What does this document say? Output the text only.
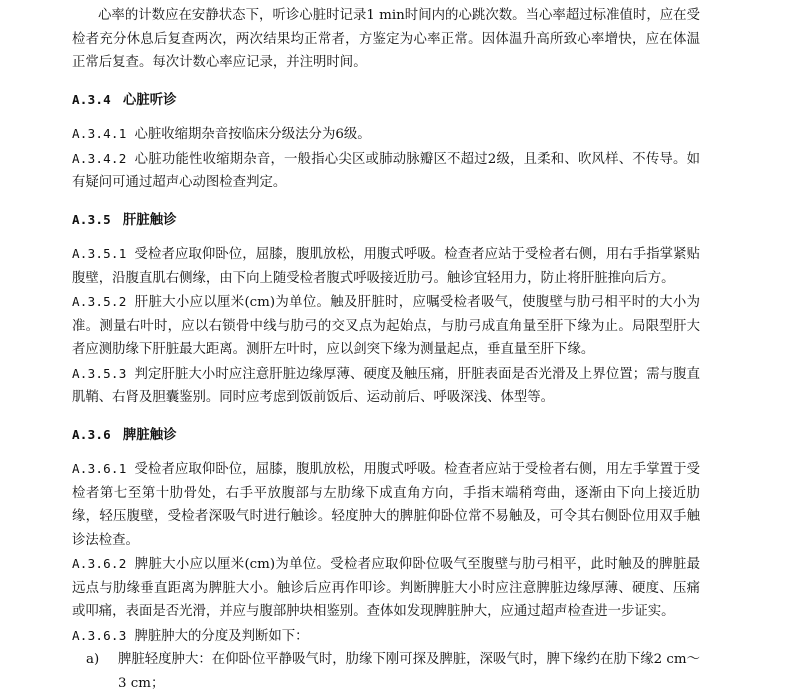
心率的计数应在安静状态下，听诊心脏时记录1 min时间内的心跳次数。当心率超过标准值时，应在受检者充分休息后复查两次，两次结果均正常者，方鉴定为心率正常。因体温升高所致心率增快，应在体温正常后复查。每次计数心率应记录，并注明时间。

A.3.4 心脏听诊

A.3.4.1 心脏收缩期杂音按临床分级法分为6级。

A.3.4.2 心脏功能性收缩期杂音，一般指心尖区或肺动脉瓣区不超过2级，且柔和、吹风样、不传导。如有疑问可通过超声心动图检查判定。

A.3.5 肝脏触诊

A.3.5.1 受检者应取仰卧位，屈膝，腹肌放松，用腹式呼吸。检查者应站于受检者右侧，用右手指掌紧贴腹壁，沿腹直肌右侧缘，由下向上随受检者腹式呼吸接近肋弓。触诊宜轻用力，防止将肝脏推向后方。

A.3.5.2 肝脏大小应以厘米(cm)为单位。触及肝脏时，应嘱受检者吸气，使腹壁与肋弓相平时的大小为准。测量右叶时，应以右锁骨中线与肋弓的交叉点为起始点，与肋弓成直角量至肝下缘为止。局限型肝大者应测肋缘下肝脏最大距离。测肝左叶时，应以剑突下缘为测量起点，垂直量至肝下缘。

A.3.5.3 判定肝脏大小时应注意肝脏边缘厚薄、硬度及触压痛，肝脏表面是否光滑及上界位置；需与腹直肌鞘、右肾及胆囊鉴别。同时应考虑到饭前饭后、运动前后、呼吸深浅、体型等。

A.3.6 脾脏触诊

A.3.6.1 受检者应取仰卧位，屈膝，腹肌放松，用腹式呼吸。检查者应站于受检者右侧，用左手掌置于受检者第七至第十肋骨处，右手平放腹部与左肋缘下成直角方向，手指末端稍弯曲，逐渐由下向上接近肋缘，轻压腹壁，受检者深吸气时进行触诊。轻度肿大的脾脏仰卧位常不易触及，可令其右侧卧位用双手触诊法检查。

A.3.6.2 脾脏大小应以厘米(cm)为单位。受检者应取仰卧位吸气至腹壁与肋弓相平，此时触及的脾脏最远点与肋缘垂直距离为脾脏大小。触诊后应再作叩诊。判断脾脏大小时应注意脾脏边缘厚薄、硬度、压痛或叩痛，表面是否光滑，并应与腹部肿块相鉴别。查体如发现脾脏肿大，应通过超声检查进一步证实。

A.3.6.3 脾脏肿大的分度及判断如下：

a)	脾脏轻度肿大：在仰卧位平静吸气时，肋缘下刚可探及脾脏，深吸气时，脾下缘约在肋下缘2 cm～3 cm；
